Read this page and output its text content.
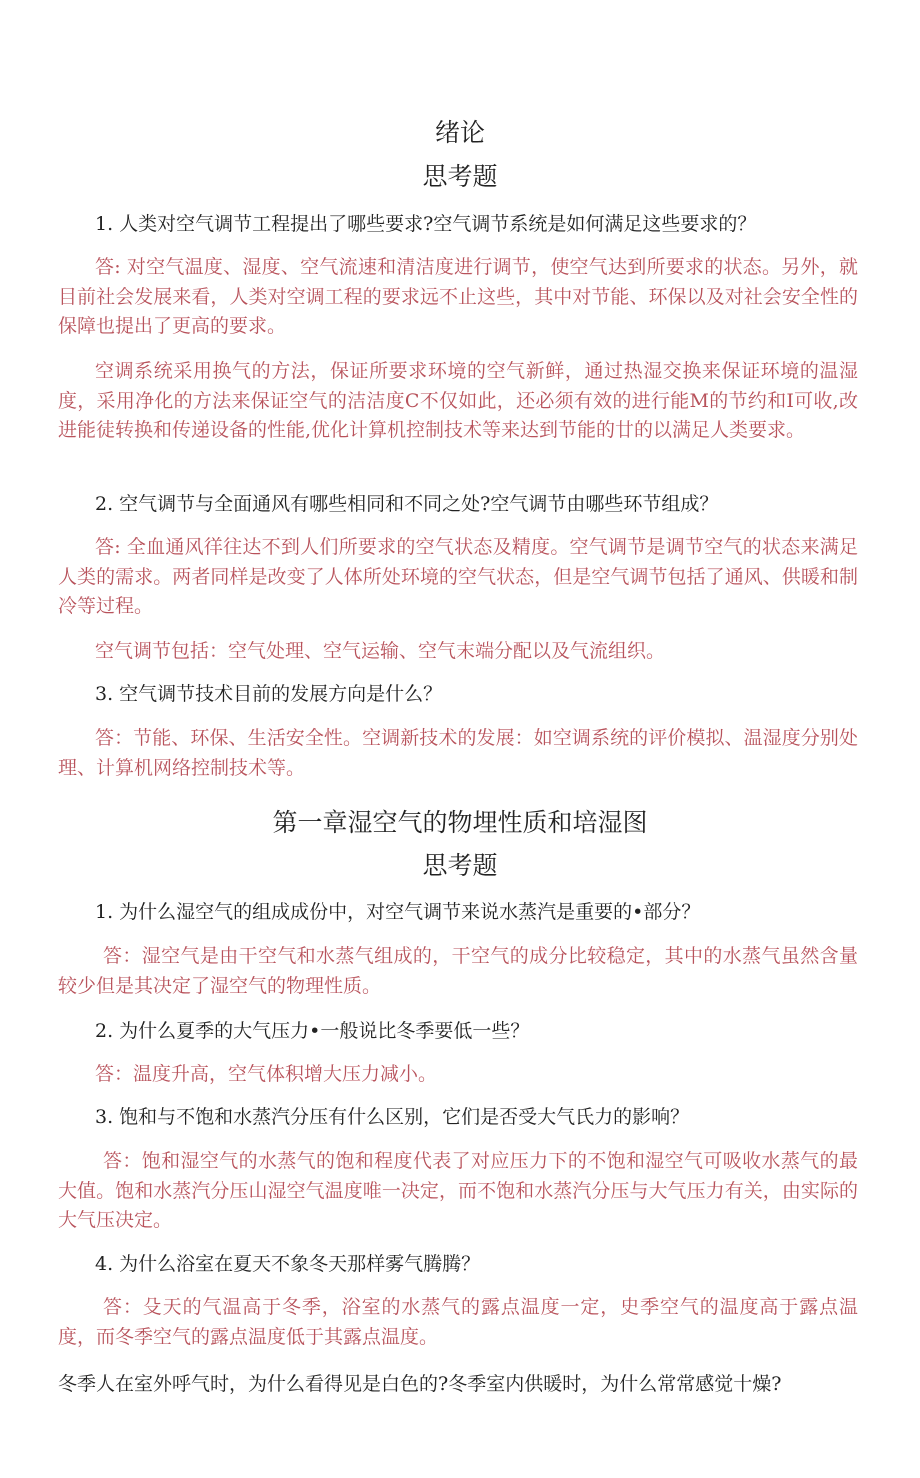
绪论
思考题

1. 人类对空气调节工程提出了哪些要求?空气调节系统是如何满足这些要求的？

答: 对空气温度、湿度、空气流速和清洁度进行调节，使空气达到所要求的状态。另外，就目前社会发展来看，人类对空调工程的要求远不止这些，其中对节能、环保以及对社会安全性的保障也提出了更高的要求。

空调系统采用换气的方法，保证所要求环境的空气新鲜，通过热湿交换来保证环境的温湿度，采用净化的方法来保证空气的洁洁度C不仅如此，还必须有效的进行能M的节约和I可收,改进能徒转换和传递设备的性能,优化计算机控制技术等来达到节能的廿的以满足人类要求。

2. 空气调节与全面通风有哪些相同和不同之处?空气调节由哪些环节组成？

答: 全血通风徉往达不到人们所要求的空气状态及精度。空气调节是调节空气的状态来满足人类的需求。两者同样是改变了人体所处环境的空气状态，但是空气调节包括了通风、供暖和制冷等过程。

空气调节包括：空气处理、空气运输、空气末端分配以及气流组织。

3. 空气调节技术目前的发展方向是什么？

答：节能、环保、生活安全性。空调新技术的发展：如空调系统的评价模拟、温湿度分别处理、计算机网络控制技术等。

第一章湿空气的物埋性质和培湿图
思考题

1. 为什么湿空气的组成成份中，对空气调节来说水蒸汽是重要的•部分？

答：湿空气是由干空气和水蒸气组成的，干空气的成分比较稳定，其中的水蒸气虽然含量较少但是其决定了湿空气的物理性质。

2. 为什么夏季的大气压力•一般说比冬季要低一些？

答：温度升高，空气体积增大压力减小。

3. 饱和与不饱和水蒸汽分压有什么区别，它们是否受大气氏力的影响？

答：饱和湿空气的水蒸气的饱和程度代表了对应压力下的不饱和湿空气可吸收水蒸气的最大值。饱和水蒸汽分压山湿空气温度唯一决定，而不饱和水蒸汽分压与大气压力有关，由实际的大气压决定。

4. 为什么浴室在夏天不象冬天那样雾气腾腾？

答：殳天的气温高于冬季，浴室的水蒸气的露点温度一定，史季空气的温度高于露点温度，而冬季空气的露点温度低于其露点温度。

冬季人在室外呼气时，为什么看得见是白色的?冬季室内供暖时，为什么常常感觉十燥?
